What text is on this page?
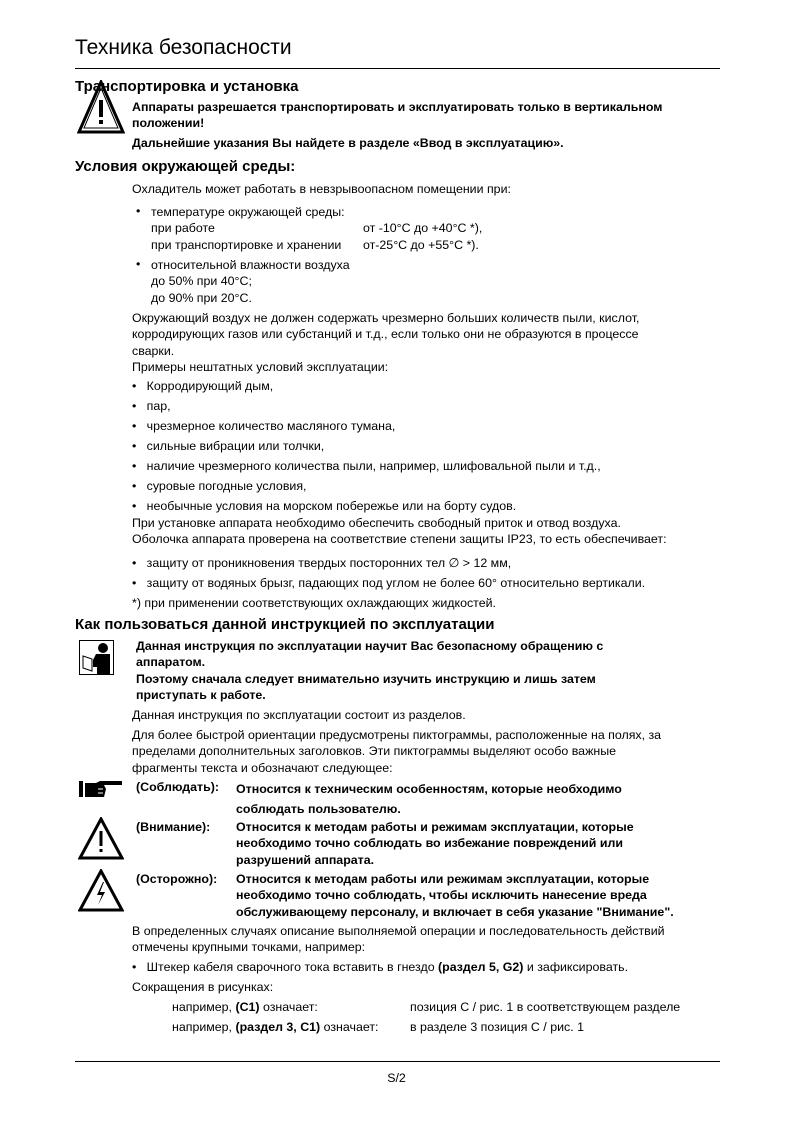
Техника безопасности
Транспортировка и установка
Аппараты разрешается транспортировать и эксплуатировать только в вертикальном
положении!
Дальнейшие указания Вы найдете в разделе «Ввод в эксплуатацию».
Условия окружающей среды:
Охладитель может работать в невзрывоопасном помещении при:
• температуре окружающей среды:
при работе	от -10°C до +40°C *),
при транспортировке и хранении от-25°C до +55°C *).
• относительной влажности воздуха
до 50% при 40°C;
до 90% при 20°C.
Окружающий воздух не должен содержать чрезмерно больших количеств пыли, кислот,
корродирующих газов или субстанций и т.д., если только они не образуются в процессе
сварки.
Примеры нештатных условий эксплуатации:
•   Корродирующий дым,
•   пар,
•   чрезмерное количество масляного тумана,
•   сильные вибрации или толчки,
•   наличие чрезмерного количества пыли, например, шлифовальной пыли и т.д.,
•   суровые погодные условия,
•   необычные условия на морском побережье или на борту судов.
При установке аппарата необходимо обеспечить свободный приток и отвод воздуха.
Оболочка аппарата проверена на соответствие степени защиты IP23, то есть обеспечивает:
•   защиту от проникновения твердых посторонних тел ∅ > 12 мм,
•   защиту от водяных брызг, падающих под углом не более 60° относительно вертикали.
*) при применении соответствующих охлаждающих жидкостей.
Как пользоваться данной инструкцией по эксплуатации
Данная инструкция по эксплуатации научит Вас безопасному обращению с
аппаратом.
Поэтому сначала следует внимательно изучить инструкцию и лишь затем
приступать к работе.
Данная инструкция по эксплуатации состоит из разделов.
Для более быстрой ориентации предусмотрены пиктограммы, расположенные на полях, за
пределами дополнительных заголовков. Эти пиктограммы выделяют особо важные
фрагменты текста и обозначают следующее:
(Соблюдать): Относится к техническим особенностям, которые необходимо
соблюдать пользователю.
(Внимание): Относится к методам работы и режимам эксплуатации, которые
необходимо точно соблюдать во избежание повреждений или
разрушений аппарата.
(Осторожно): Относится к методам работы или режимам эксплуатации, которые
необходимо точно соблюдать, чтобы исключить нанесение вреда
обслуживающему персоналу, и включает в себя указание "Внимание".
В определенных случаях описание выполняемой операции и последовательность действий
отмечены крупными точками, например:
•   Штекер кабеля сварочного тока вставить в гнездо (раздел 5, G2) и зафиксировать.
Сокращения в рисунках:
например, (C1) означает:	позиция C / рис. 1 в соответствующем разделе
например, (раздел 3, C1) означает:	в разделе 3 позиция C / рис. 1
S/2
